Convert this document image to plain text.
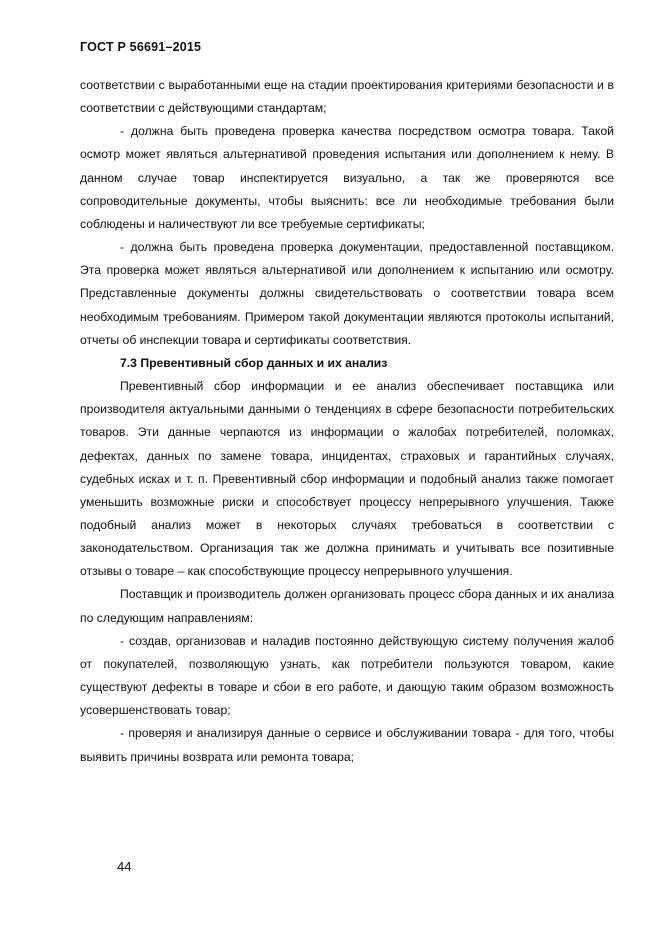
ГОСТ Р 56691–2015

соответствии с выработанными еще на стадии проектирования критериями безопасности и в соответствии с действующими стандартам;

- должна быть проведена проверка качества посредством осмотра товара. Такой осмотр может являться альтернативой проведения испытания или дополнением к нему. В данном случае товар инспектируется визуально, а так же проверяются все сопроводительные документы, чтобы выяснить: все ли необходимые требования были соблюдены и наличествуют ли все требуемые сертификаты;

- должна быть проведена проверка документации, предоставленной поставщиком. Эта проверка может являться альтернативой или дополнением к испытанию или осмотру. Представленные документы должны свидетельствовать о соответствии товара всем необходимым требованиям. Примером такой документации являются протоколы испытаний, отчеты об инспекции товара и сертификаты соответствия.

7.3 Превентивный сбор данных и их анализ

Превентивный сбор информации и ее анализ обеспечивает поставщика или производителя актуальными данными о тенденциях в сфере безопасности потребительских товаров. Эти данные черпаются из информации о жалобах потребителей, поломках, дефектах, данных по замене товара, инцидентах, страховых и гарантийных случаях, судебных исках и т. п. Превентивный сбор информации и подобный анализ также помогает уменьшить возможные риски и способствует процессу непрерывного улучшения. Также подобный анализ может в некоторых случаях требоваться в соответствии с законодательством. Организация так же должна принимать и учитывать все позитивные отзывы о товаре – как способствующие процессу непрерывного улучшения.

Поставщик и производитель должен организовать процесс сбора данных и их анализа по следующим направлениям:

- создав, организовав и наладив постоянно действующую систему получения жалоб от покупателей, позволяющую узнать, как потребители пользуются товаром, какие существуют дефекты в товаре и сбои в его работе, и дающую таким образом возможность усовершенствовать товар;

- проверяя и анализируя данные о сервисе и обслуживании товара - для того, чтобы выявить причины возврата или ремонта товара;

44
